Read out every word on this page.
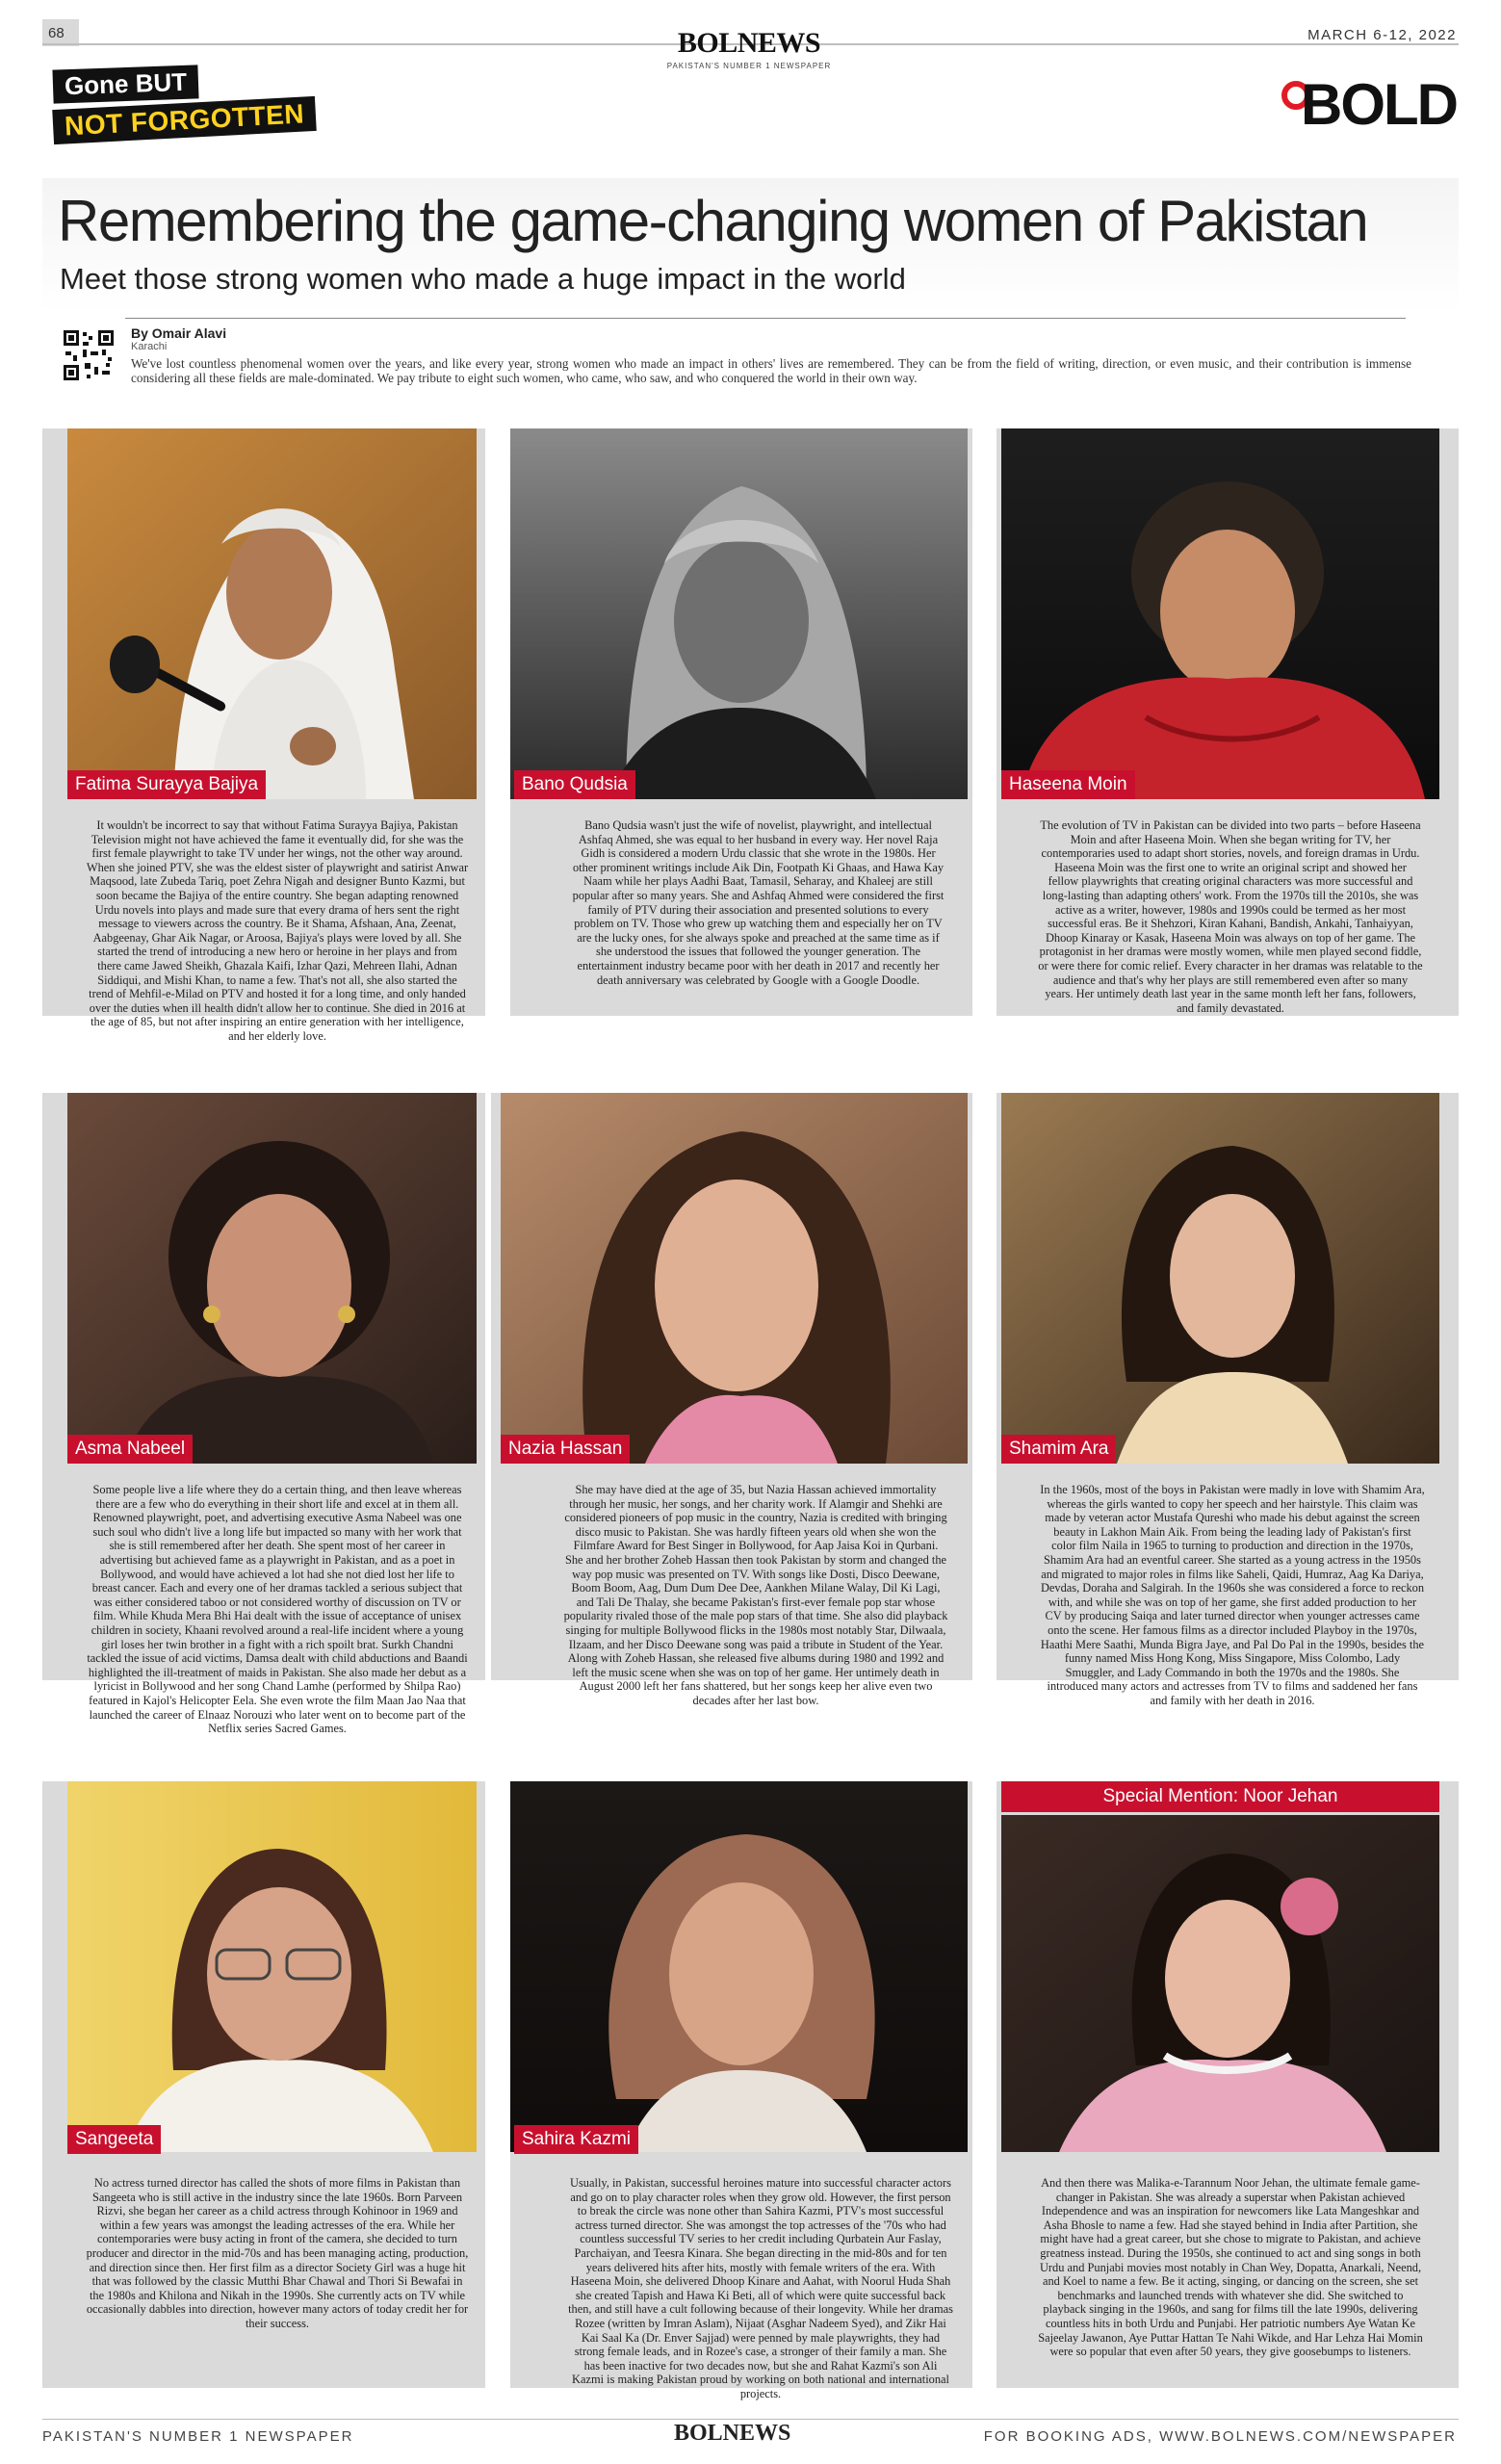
68	BOLNEWS
PAKISTAN'S NUMBER 1 NEWSPAPER
MARCH 6-12, 2022
Gone BUT
NOT FORGOTTEN	BOLD
Remembering the game-changing women of Pakistan
Meet those strong women who made a huge impact in the world
By Omair Alavi
Karachi
We've lost countless phenomenal women over the years, and like every year, strong women who made an impact in others' lives are remembered. They can be from the field of writing, direction, or even music, and their contribution is immense considering all these fields are male-dominated. We pay tribute to eight such women, who came, who saw, and who conquered the world in their own way.
Fatima Surayya Bajiya
It wouldn't be incorrect to say that without Fatima Surayya Bajiya, Pakistan Television might not have achieved the fame it eventually did, for she was the first female playwright to take TV under her wings, not the other way around. When she joined PTV, she was the eldest sister of playwright and satirist Anwar Maqsood, late Zubeda Tariq, poet Zehra Nigah and designer Bunto Kazmi, but soon became the Bajiya of the entire country. She began adapting renowned Urdu novels into plays and made sure that every drama of hers sent the right message to viewers across the country. Be it Shama, Afshaan, Ana, Zeenat, Aabgeenay, Ghar Aik Nagar, or Aroosa, Bajiya's plays were loved by all. She started the trend of introducing a new hero or heroine in her plays and from there came Jawed Sheikh, Ghazala Kaifi, Izhar Qazi, Mehreen Ilahi, Adnan Siddiqui, and Mishi Khan, to name a few. That's not all, she also started the trend of Mehfil-e-Milad on PTV and hosted it for a long time, and only handed over the duties when ill health didn't allow her to continue. She died in 2016 at the age of 85, but not after inspiring an entire generation with her intelligence, and her elderly love.
Bano Qudsia
Bano Qudsia wasn't just the wife of novelist, playwright, and intellectual Ashfaq Ahmed, she was equal to her husband in every way. Her novel Raja Gidh is considered a modern Urdu classic that she wrote in the 1980s. Her other prominent writings include Aik Din, Footpath Ki Ghaas, and Hawa Kay Naam while her plays Aadhi Baat, Tamasil, Seharay, and Khaleej are still popular after so many years. She and Ashfaq Ahmed were considered the first family of PTV during their association and presented solutions to every problem on TV. Those who grew up watching them and especially her on TV are the lucky ones, for she always spoke and preached at the same time as if she understood the issues that followed the younger generation. The entertainment industry became poor with her death in 2017 and recently her death anniversary was celebrated by Google with a Google Doodle.
Haseena Moin
The evolution of TV in Pakistan can be divided into two parts – before Haseena Moin and after Haseena Moin. When she began writing for TV, her contemporaries used to adapt short stories, novels, and foreign dramas in Urdu. Haseena Moin was the first one to write an original script and showed her fellow playwrights that creating original characters was more successful and long-lasting than adapting others' work. From the 1970s till the 2010s, she was active as a writer, however, 1980s and 1990s could be termed as her most successful eras. Be it Shehzori, Kiran Kahani, Bandish, Ankahi, Tanhaiyyan, Dhoop Kinaray or Kasak, Haseena Moin was always on top of her game. The protagonist in her dramas were mostly women, while men played second fiddle, or were there for comic relief. Every character in her dramas was relatable to the audience and that's why her plays are still remembered even after so many years. Her untimely death last year in the same month left her fans, followers, and family devastated.
Asma Nabeel
Some people live a life where they do a certain thing, and then leave whereas there are a few who do everything in their short life and excel at in them all. Renowned playwright, poet, and advertising executive Asma Nabeel was one such soul who didn't live a long life but impacted so many with her work that she is still remembered after her death. She spent most of her career in advertising but achieved fame as a playwright in Pakistan, and as a poet in Bollywood, and would have achieved a lot had she not died lost her life to breast cancer. Each and every one of her dramas tackled a serious subject that was either considered taboo or not considered worthy of discussion on TV or film. While Khuda Mera Bhi Hai dealt with the issue of acceptance of unisex children in society, Khaani revolved around a real-life incident where a young girl loses her twin brother in a fight with a rich spoilt brat. Surkh Chandni tackled the issue of acid victims, Damsa dealt with child abductions and Baandi highlighted the ill-treatment of maids in Pakistan. She also made her debut as a lyricist in Bollywood and her song Chand Lamhe (performed by Shilpa Rao) featured in Kajol's Helicopter Eela. She even wrote the film Maan Jao Naa that launched the career of Elnaaz Norouzi who later went on to become part of the Netflix series Sacred Games.
Nazia Hassan
She may have died at the age of 35, but Nazia Hassan achieved immortality through her music, her songs, and her charity work. If Alamgir and Shehki are considered pioneers of pop music in the country, Nazia is credited with bringing disco music to Pakistan. She was hardly fifteen years old when she won the Filmfare Award for Best Singer in Bollywood, for Aap Jaisa Koi in Qurbani. She and her brother Zoheb Hassan then took Pakistan by storm and changed the way pop music was presented on TV. With songs like Dosti, Disco Deewane, Boom Boom, Aag, Dum Dum Dee Dee, Aankhen Milane Walay, Dil Ki Lagi, and Tali De Thalay, she became Pakistan's first-ever female pop star whose popularity rivaled those of the male pop stars of that time. She also did playback singing for multiple Bollywood flicks in the 1980s most notably Star, Dilwaala, Ilzaam, and her Disco Deewane song was paid a tribute in Student of the Year. Along with Zoheb Hassan, she released five albums during 1980 and 1992 and left the music scene when she was on top of her game. Her untimely death in August 2000 left her fans shattered, but her songs keep her alive even two decades after her last bow.
Shamim Ara
In the 1960s, most of the boys in Pakistan were madly in love with Shamim Ara, whereas the girls wanted to copy her speech and her hairstyle. This claim was made by veteran actor Mustafa Qureshi who made his debut against the screen beauty in Lakhon Main Aik. From being the leading lady of Pakistan's first color film Naila in 1965 to turning to production and direction in the 1970s, Shamim Ara had an eventful career. She started as a young actress in the 1950s and migrated to major roles in films like Saheli, Qaidi, Humraz, Aag Ka Dariya, Devdas, Doraha and Salgirah. In the 1960s she was considered a force to reckon with, and while she was on top of her game, she first added production to her CV by producing Saiqa and later turned director when younger actresses came onto the scene. Her famous films as a director included Playboy in the 1970s, Haathi Mere Saathi, Munda Bigra Jaye, and Pal Do Pal in the 1990s, besides the funny named Miss Hong Kong, Miss Singapore, Miss Colombo, Lady Smuggler, and Lady Commando in both the 1970s and the 1980s. She introduced many actors and actresses from TV to films and saddened her fans and family with her death in 2016.
Sangeeta
No actress turned director has called the shots of more films in Pakistan than Sangeeta who is still active in the industry since the late 1960s. Born Parveen Rizvi, she began her career as a child actress through Kohinoor in 1969 and within a few years was amongst the leading actresses of the era. While her contemporaries were busy acting in front of the camera, she decided to turn producer and director in the mid-70s and has been managing acting, production, and direction since then. Her first film as a director Society Girl was a huge hit that was followed by the classic Mutthi Bhar Chawal and Thori Si Bewafai in the 1980s and Khilona and Nikah in the 1990s. She currently acts on TV while occasionally dabbles into direction, however many actors of today credit her for their success.
Sahira Kazmi
Usually, in Pakistan, successful heroines mature into successful character actors and go on to play character roles when they grow old. However, the first person to break the circle was none other than Sahira Kazmi, PTV's most successful actress turned director. She was amongst the top actresses of the '70s who had countless successful TV series to her credit including Qurbatein Aur Faslay, Parchaiyan, and Teesra Kinara. She began directing in the mid-80s and for ten years delivered hits after hits, mostly with female writers of the era. With Haseena Moin, she delivered Dhoop Kinare and Aahat, with Noorul Huda Shah she created Tapish and Hawa Ki Beti, all of which were quite successful back then, and still have a cult following because of their longevity. While her dramas Rozee (written by Imran Aslam), Nijaat (Asghar Nadeem Syed), and Zikr Hai Kai Saal Ka (Dr. Enver Sajjad) were penned by male playwrights, they had strong female leads, and in Rozee's case, a stronger of their family a man. She has been inactive for two decades now, but she and Rahat Kazmi's son Ali Kazmi is making Pakistan proud by working on both national and international projects.
Special Mention: Noor Jehan
And then there was Malika-e-Tarannum Noor Jehan, the ultimate female game-changer in Pakistan. She was already a superstar when Pakistan achieved Independence and was an inspiration for newcomers like Lata Mangeshkar and Asha Bhosle to name a few. Had she stayed behind in India after Partition, she might have had a great career, but she chose to migrate to Pakistan, and achieve greatness instead. During the 1950s, she continued to act and sing songs in both Urdu and Punjabi movies most notably in Chan Wey, Dopatta, Anarkali, Neend, and Koel to name a few. Be it acting, singing, or dancing on the screen, she set benchmarks and launched trends with whatever she did. She switched to playback singing in the 1960s, and sang for films till the late 1990s, delivering countless hits in both Urdu and Punjabi. Her patriotic numbers Aye Watan Ke Sajeelay Jawanon, Aye Puttar Hattan Te Nahi Wikde, and Har Lehza Hai Momin were so popular that even after 50 years, they give goosebumps to listeners.
PAKISTAN'S NUMBER 1 NEWSPAPER	BOLNEWS	FOR BOOKING ADS, WWW.BOLNEWS.COM/NEWSPAPER
